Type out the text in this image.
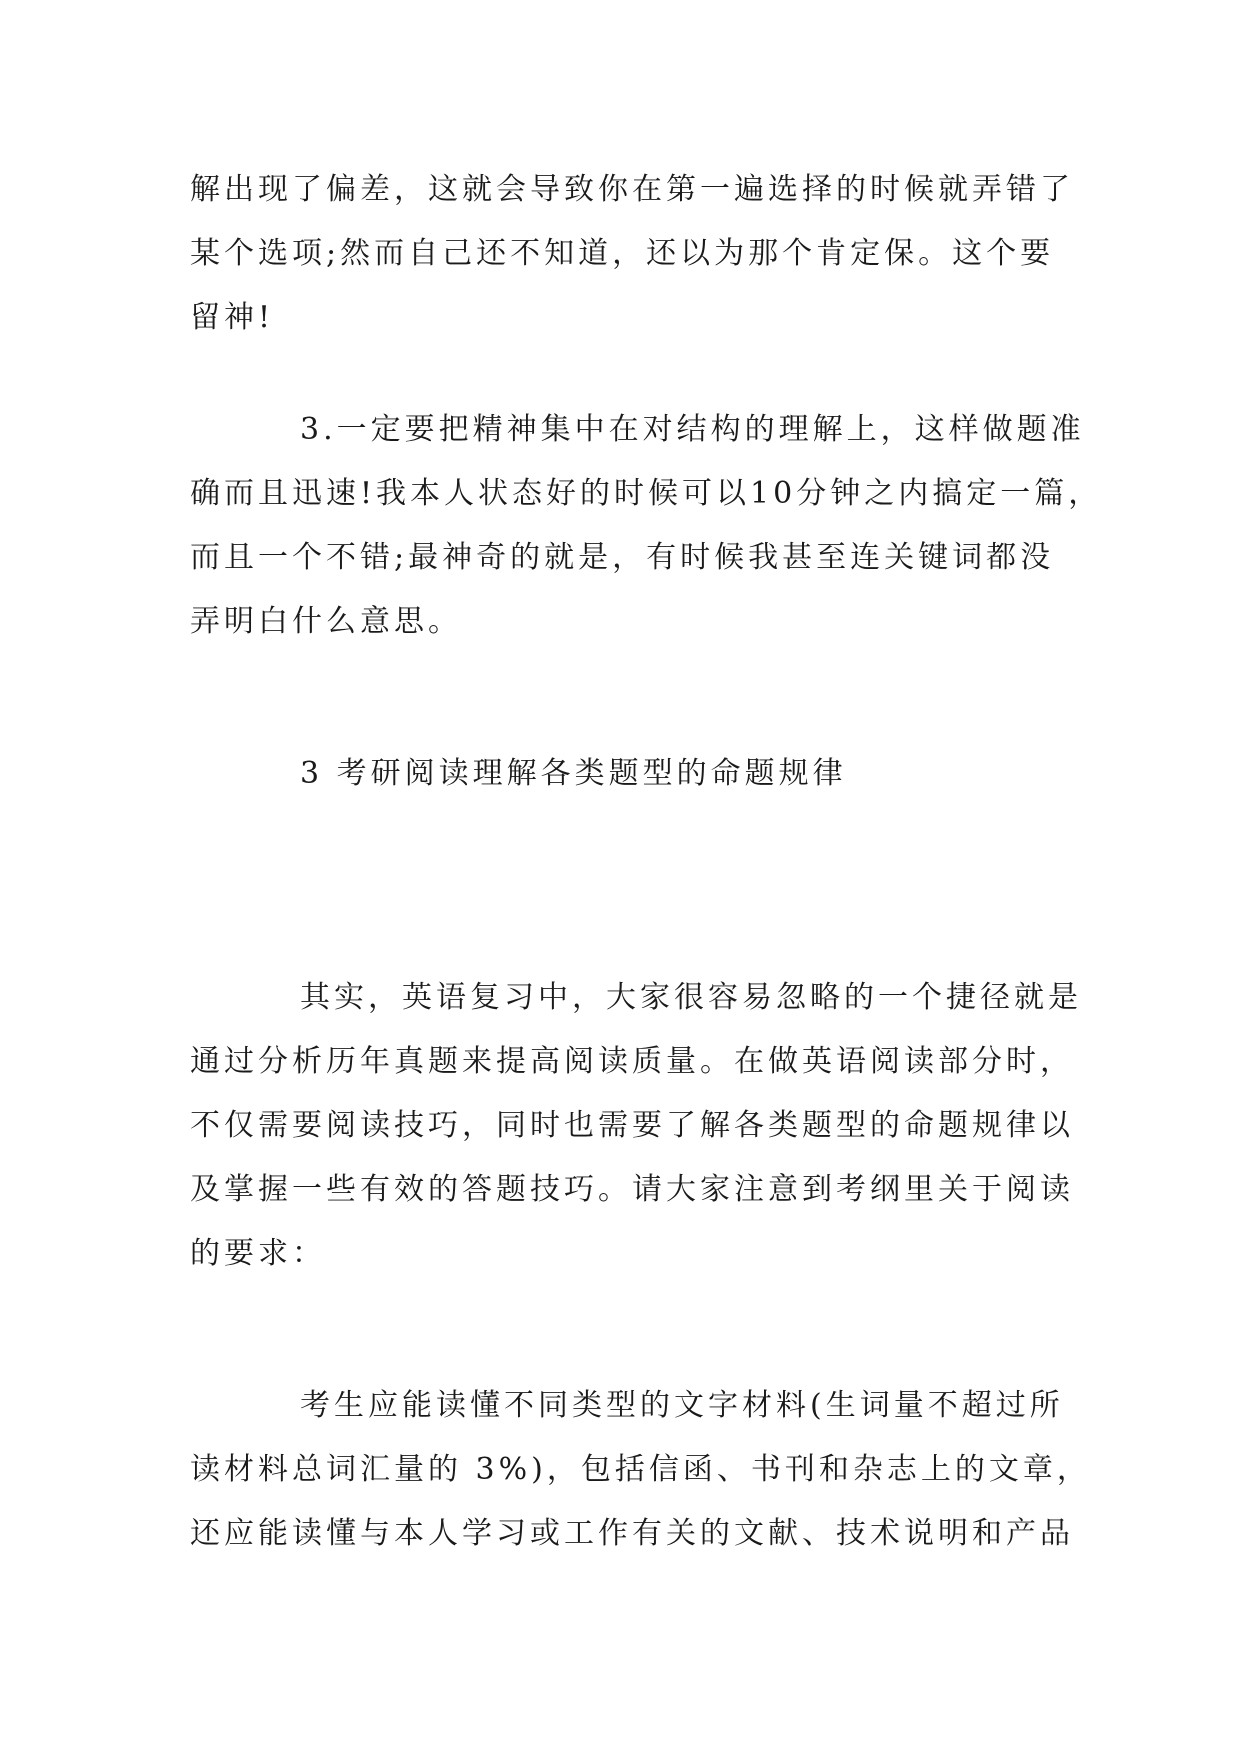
解出现了偏差，这就会导致你在第一遍选择的时候就弄错了
某个选项;然而自己还不知道，还以为那个肯定保。这个要
留神!

3.一定要把精神集中在对结构的理解上，这样做题准
确而且迅速!我本人状态好的时候可以10分钟之内搞定一篇，
而且一个不错;最神奇的就是，有时候我甚至连关键词都没
弄明白什么意思。

3 考研阅读理解各类题型的命题规律

其实，英语复习中，大家很容易忽略的一个捷径就是
通过分析历年真题来提高阅读质量。在做英语阅读部分时，
不仅需要阅读技巧，同时也需要了解各类题型的命题规律以
及掌握一些有效的答题技巧。请大家注意到考纲里关于阅读
的要求：

考生应能读懂不同类型的文字材料(生词量不超过所
读材料总词汇量的 3%)，包括信函、书刊和杂志上的文章，
还应能读懂与本人学习或工作有关的文献、技术说明和产品
